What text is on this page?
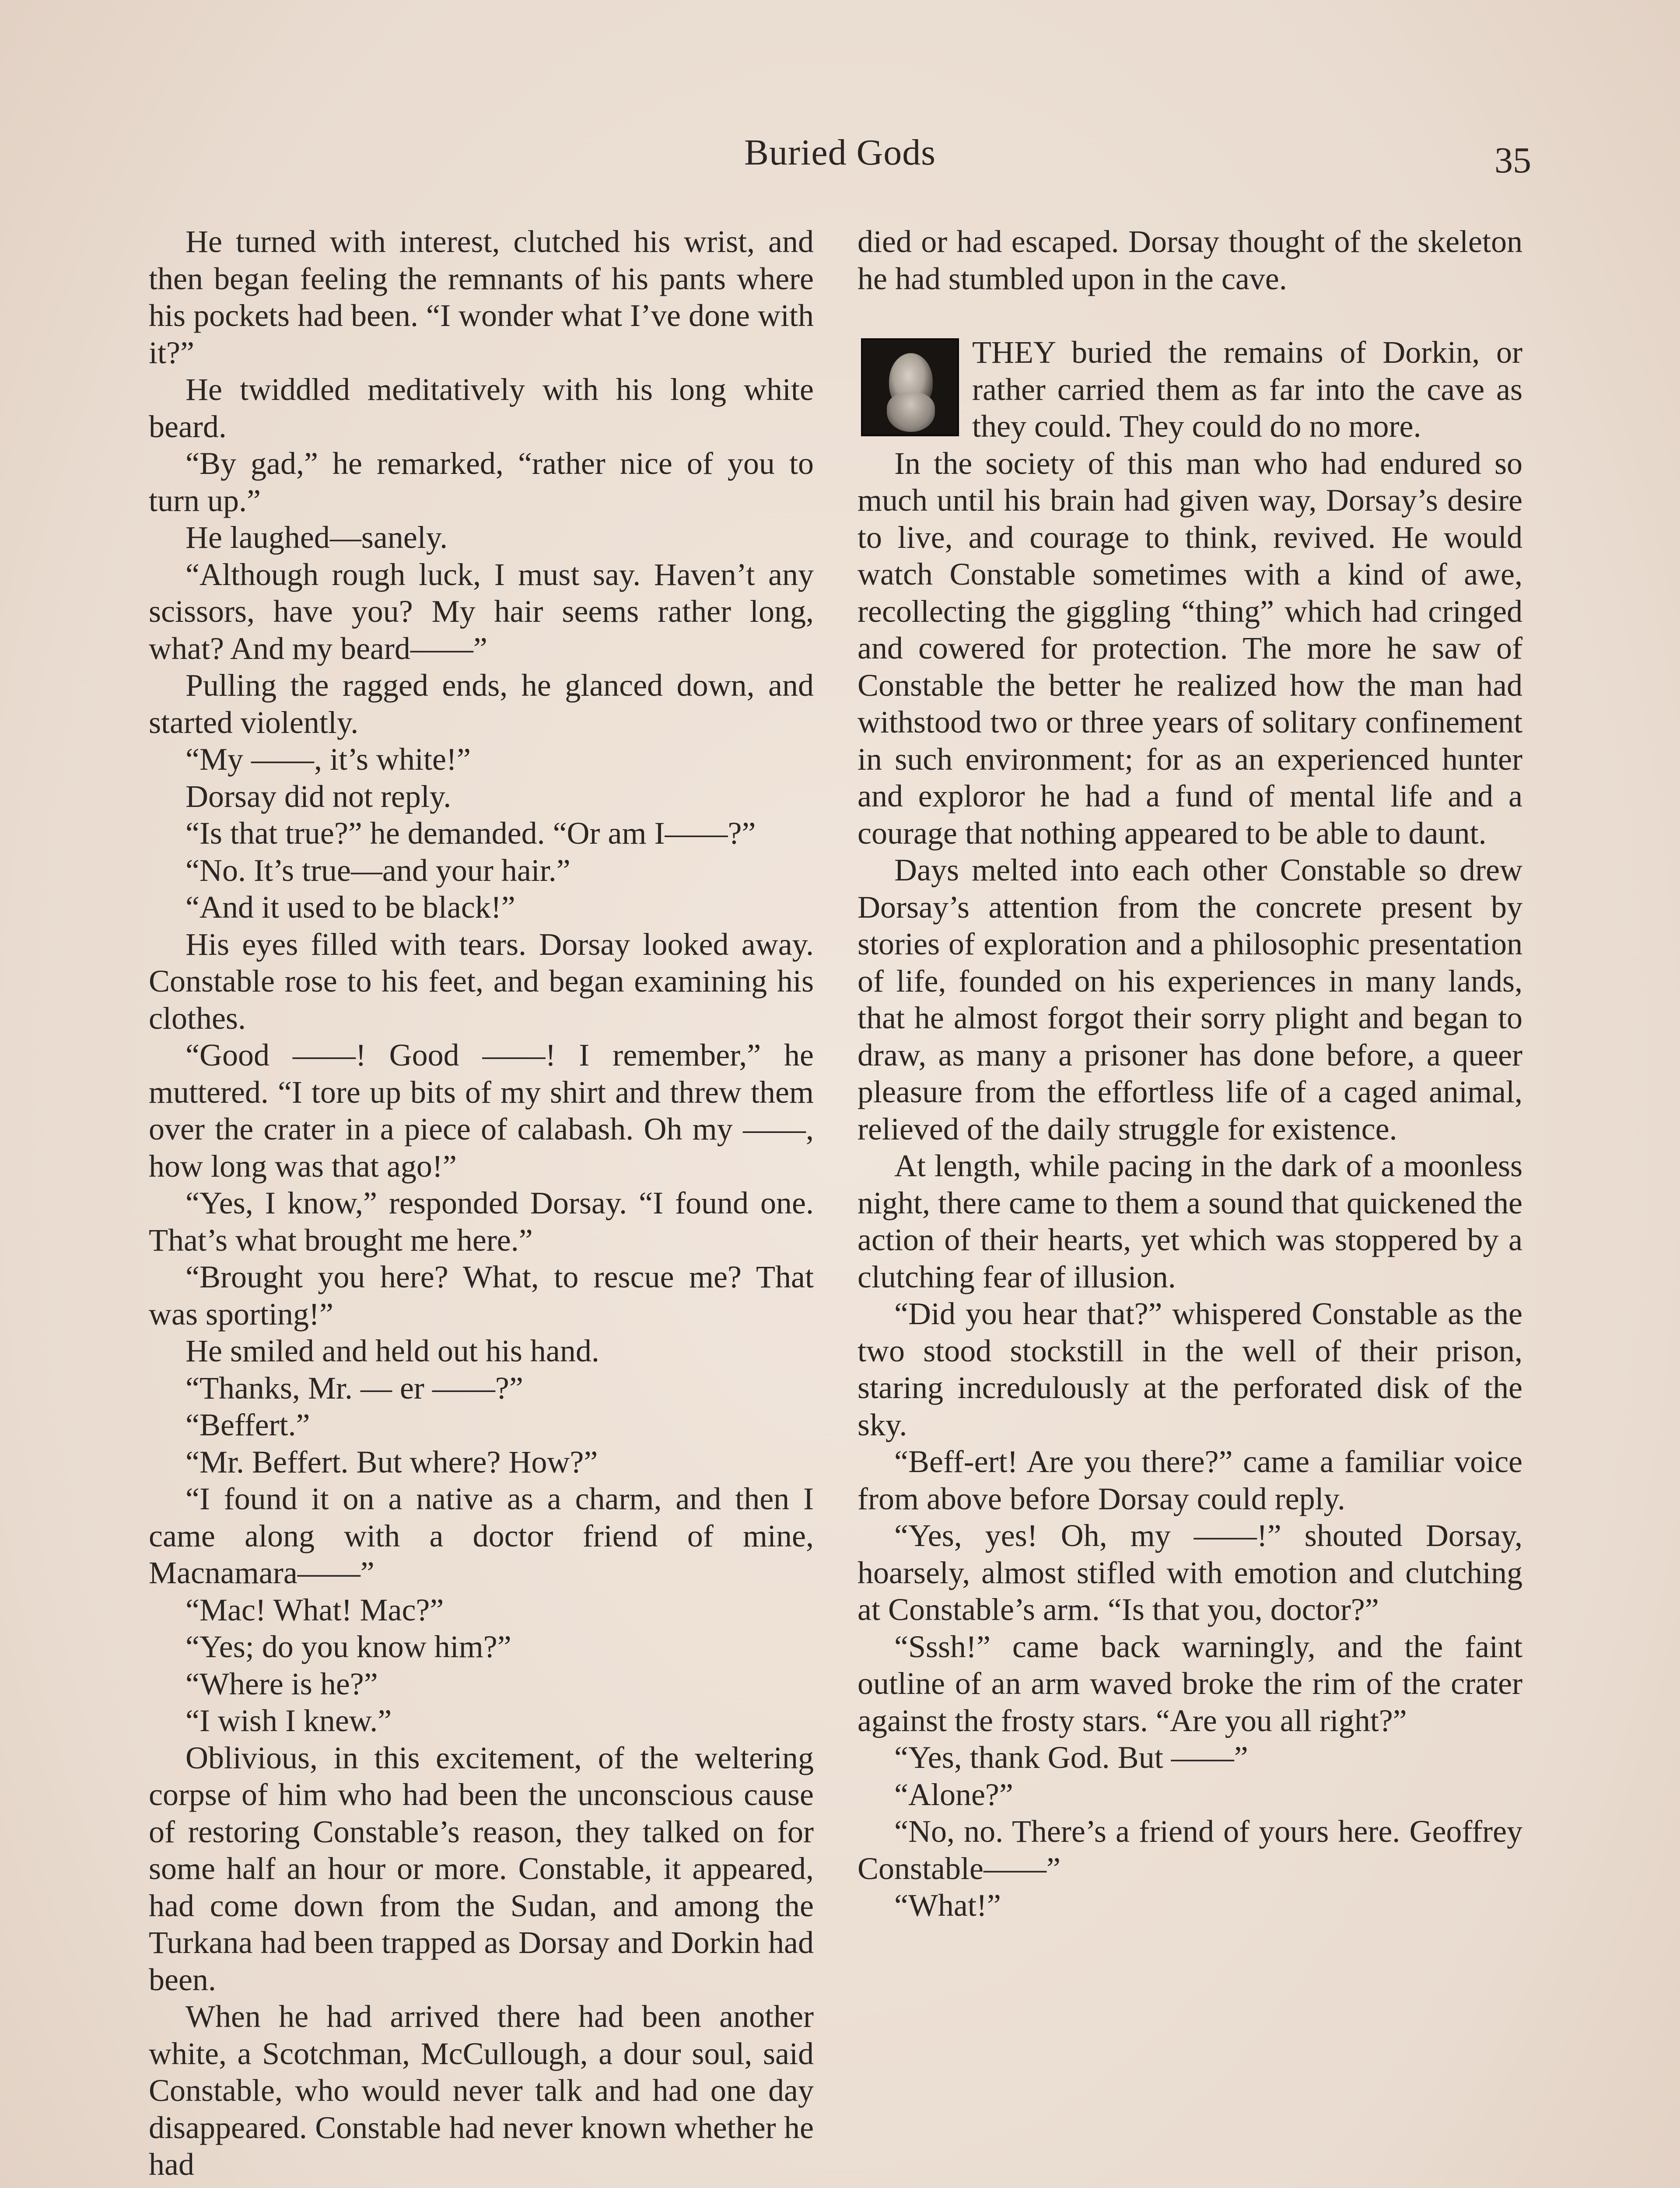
Buried Gods	35

He turned with interest, clutched his wrist, and then began feeling the remnants of his pants where his pockets had been. “I wonder what I’ve done with it?”

He twiddled meditatively with his long white beard.

“By gad,” he remarked, “rather nice of you to turn up.”

He laughed—sanely.

“Although rough luck, I must say. Haven’t any scissors, have you? My hair seems rather long, what? And my beard——”

Pulling the ragged ends, he glanced down, and started violently.

“My ——, it’s white!”

Dorsay did not reply.

“Is that true?” he demanded. “Or am I——?”

“No. It’s true—and your hair.”

“And it used to be black!”

His eyes filled with tears. Dorsay looked away. Constable rose to his feet, and began examining his clothes.

“Good ——! Good ——! I remember,” he muttered. “I tore up bits of my shirt and threw them over the crater in a piece of calabash. Oh my ——, how long was that ago!”

“Yes, I know,” responded Dorsay. “I found one. That’s what brought me here.”

“Brought you here? What, to rescue me? That was sporting!”

He smiled and held out his hand.

“Thanks, Mr. — er ——?”

“Beffert.”

“Mr. Beffert. But where? How?”

“I found it on a native as a charm, and then I came along with a doctor friend of mine, Macnamara——”

“Mac! What! Mac?”

“Yes; do you know him?”

“Where is he?”

“I wish I knew.”

Oblivious, in this excitement, of the weltering corpse of him who had been the unconscious cause of restoring Constable’s reason, they talked on for some half an hour or more. Constable, it appeared, had come down from the Sudan, and among the Turkana had been trapped as Dorsay and Dorkin had been.

When he had arrived there had been another white, a Scotchman, McCullough, a dour soul, said Constable, who would never talk and had one day disappeared. Constable had never known whether he had

died or had escaped. Dorsay thought of the skeleton he had stumbled upon in the cave.

THEY buried the remains of Dorkin, or rather carried them as far into the cave as they could. They could do no more.

In the society of this man who had endured so much until his brain had given way, Dorsay’s desire to live, and courage to think, revived. He would watch Constable sometimes with a kind of awe, recollecting the giggling “thing” which had cringed and cowered for protection. The more he saw of Constable the better he realized how the man had withstood two or three years of solitary confinement in such environment; for as an experienced hunter and exploror he had a fund of mental life and a courage that nothing appeared to be able to daunt.

Days melted into each other Constable so drew Dorsay’s attention from the concrete present by stories of exploration and a philosophic presentation of life, founded on his experiences in many lands, that he almost forgot their sorry plight and began to draw, as many a prisoner has done before, a queer pleasure from the effortless life of a caged animal, relieved of the daily struggle for existence.

At length, while pacing in the dark of a moonless night, there came to them a sound that quickened the action of their hearts, yet which was stoppered by a clutching fear of illusion.

“Did you hear that?” whispered Constable as the two stood stockstill in the well of their prison, staring incredulously at the perforated disk of the sky.

“Beff-ert! Are you there?” came a familiar voice from above before Dorsay could reply.

“Yes, yes! Oh, my ——!” shouted Dorsay, hoarsely, almost stifled with emotion and clutching at Constable’s arm. “Is that you, doctor?”

“Sssh!” came back warningly, and the faint outline of an arm waved broke the rim of the crater against the frosty stars. “Are you all right?”

“Yes, thank God. But ——”

“Alone?”

“No, no. There’s a friend of yours here. Geoffrey Constable——”

“What!”
